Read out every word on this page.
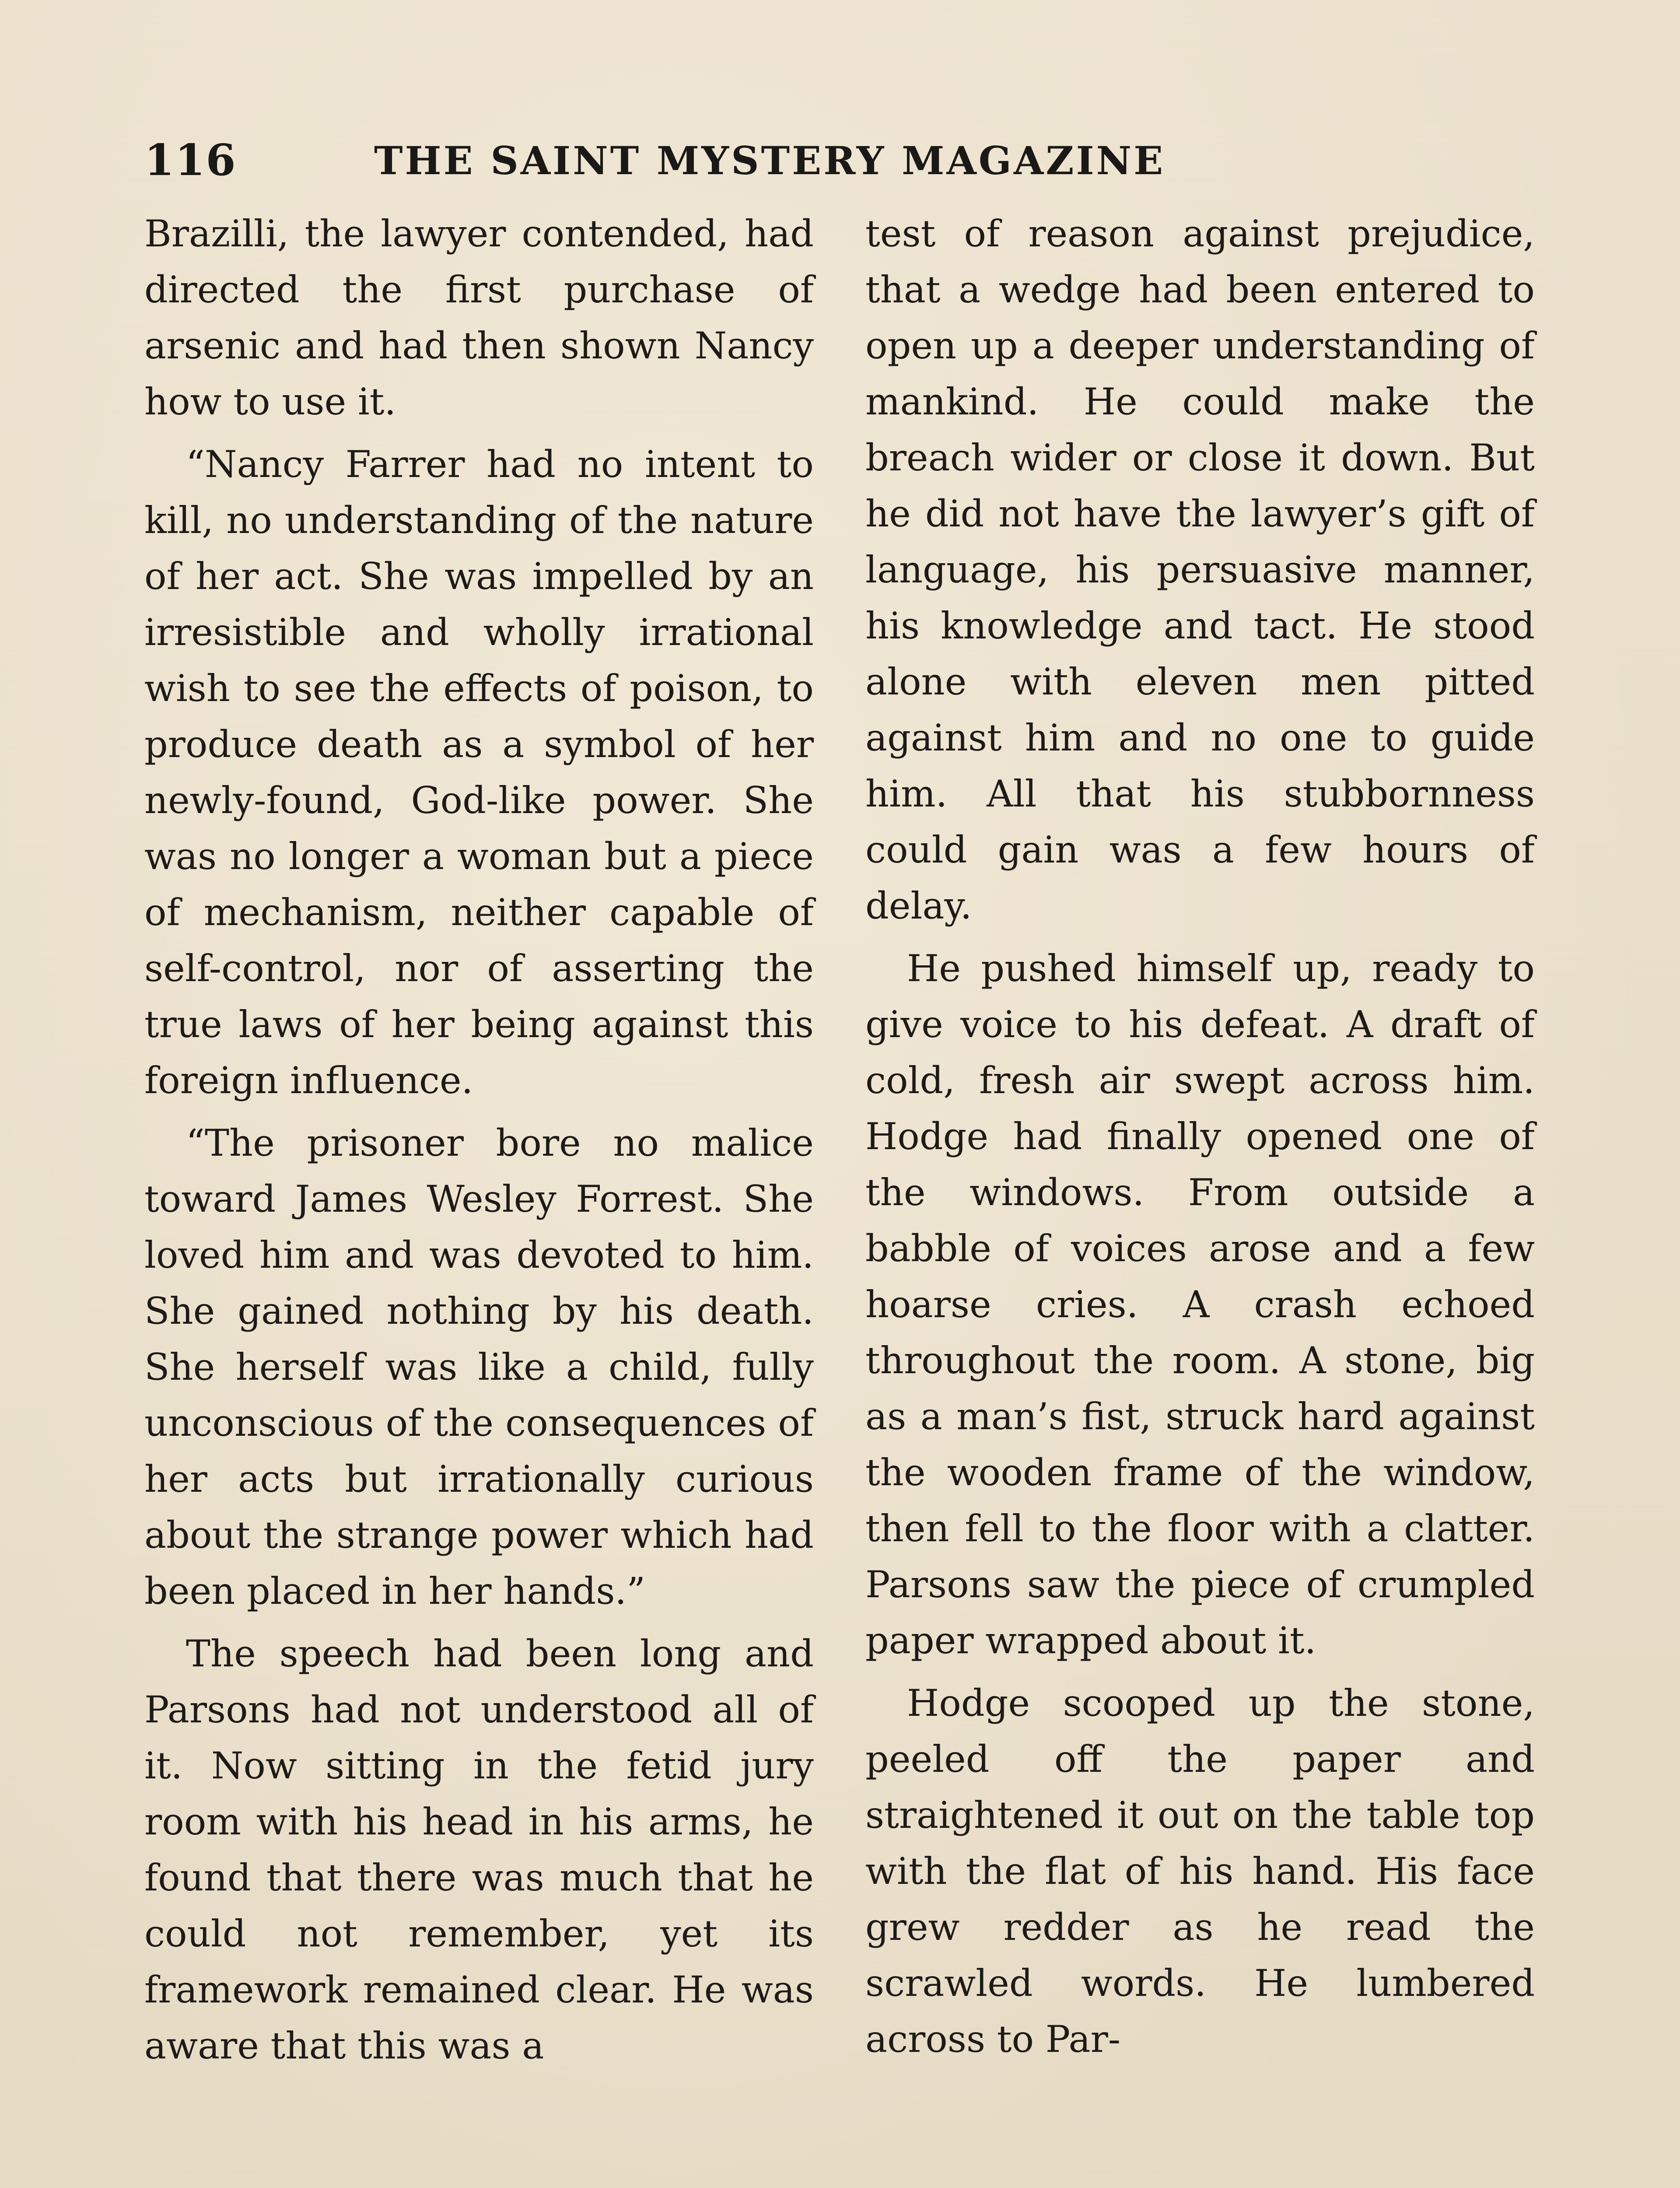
116	THE SAINT MYSTERY MAGAZINE

Brazilli, the lawyer contended, had directed the first purchase of arsenic and had then shown Nancy how to use it.

“Nancy Farrer had no intent to kill, no understanding of the nature of her act. She was impelled by an irresistible and wholly irrational wish to see the effects of poison, to produce death as a symbol of her newly-found, God-like power. She was no longer a woman but a piece of mechanism, neither capable of self-control, nor of asserting the true laws of her being against this foreign influence.

“The prisoner bore no malice toward James Wesley Forrest. She loved him and was devoted to him. She gained nothing by his death. She herself was like a child, fully unconscious of the consequences of her acts but irrationally curious about the strange power which had been placed in her hands.”

The speech had been long and Parsons had not understood all of it. Now sitting in the fetid jury room with his head in his arms, he found that there was much that he could not remember, yet its framework remained clear. He was aware that this was a

test of reason against prejudice, that a wedge had been entered to open up a deeper understanding of mankind. He could make the breach wider or close it down. But he did not have the lawyer’s gift of language, his persuasive manner, his knowledge and tact. He stood alone with eleven men pitted against him and no one to guide him. All that his stubbornness could gain was a few hours of delay.

He pushed himself up, ready to give voice to his defeat. A draft of cold, fresh air swept across him. Hodge had finally opened one of the windows. From outside a babble of voices arose and a few hoarse cries. A crash echoed throughout the room. A stone, big as a man’s fist, struck hard against the wooden frame of the window, then fell to the floor with a clatter. Parsons saw the piece of crumpled paper wrapped about it.

Hodge scooped up the stone, peeled off the paper and straightened it out on the table top with the flat of his hand. His face grew redder as he read the scrawled words. He lumbered across to Par-
